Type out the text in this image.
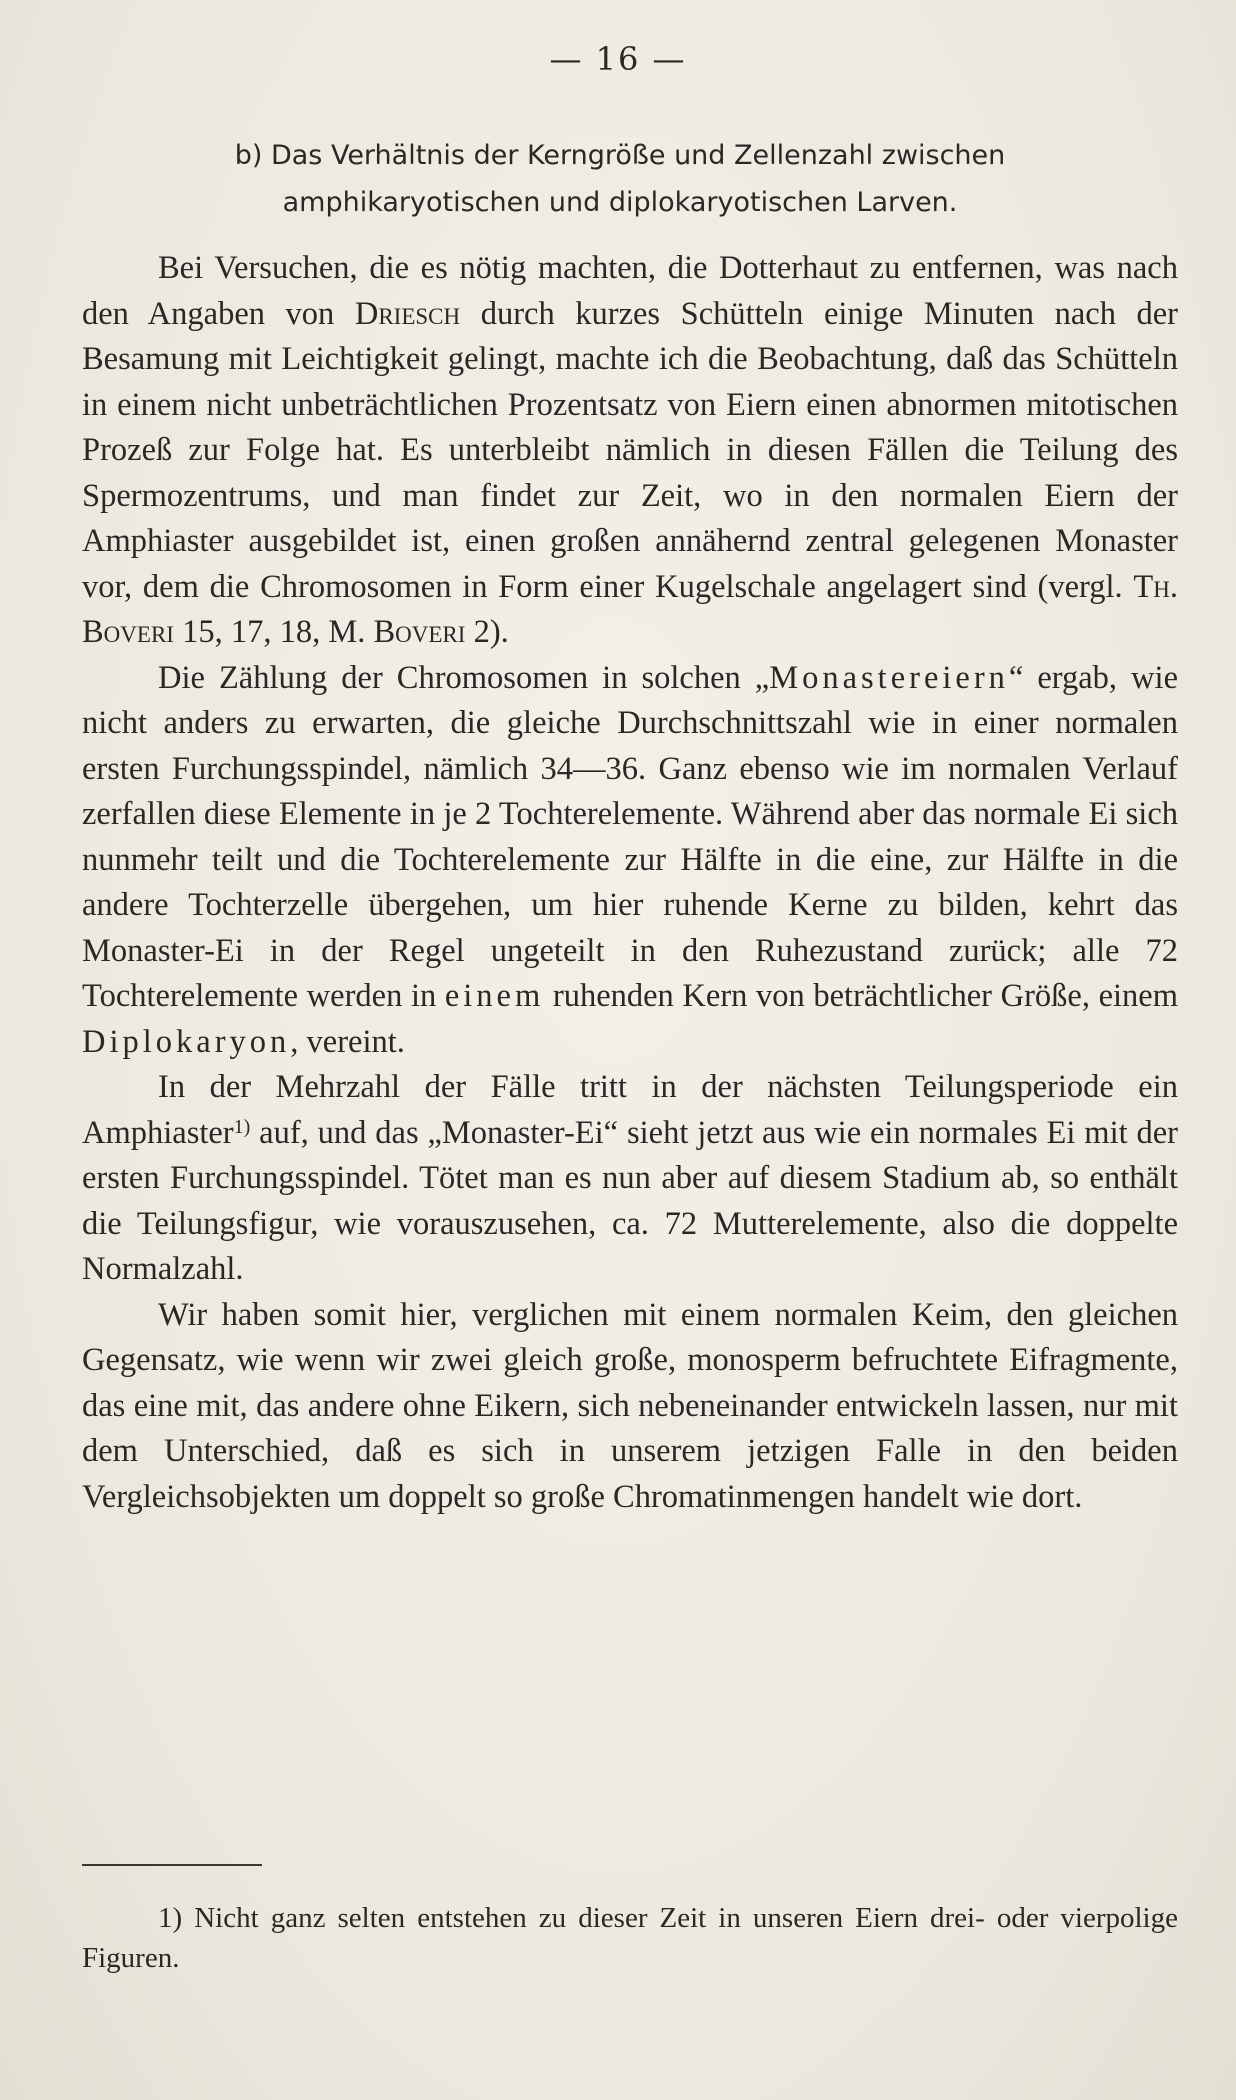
— 16 —
b) Das Verhältnis der Kerngröße und Zellenzahl zwischen
amphikaryotischen und diplokaryotischen Larven.

Bei Versuchen, die es nötig machten, die Dotterhaut zu entfernen, was nach den Angaben von Driesch durch kurzes Schütteln einige Minuten nach der Besamung mit Leichtigkeit gelingt, machte ich die Beobachtung, daß das Schütteln in einem nicht unbeträchtlichen Prozentsatz von Eiern einen abnormen mitotischen Prozeß zur Folge hat. Es unterbleibt nämlich in diesen Fällen die Teilung des Spermozentrums, und man findet zur Zeit, wo in den normalen Eiern der Amphiaster ausgebildet ist, einen großen annähernd zentral gelegenen Monaster vor, dem die Chromosomen in Form einer Kugelschale angelagert sind (vergl. Th. Boveri 15, 17, 18, M. Boveri 2).

Die Zählung der Chromosomen in solchen „Monastereiern“ ergab, wie nicht anders zu erwarten, die gleiche Durchschnittszahl wie in einer normalen ersten Furchungsspindel, nämlich 34—36. Ganz ebenso wie im normalen Verlauf zerfallen diese Elemente in je 2 Tochterelemente. Während aber das normale Ei sich nunmehr teilt und die Tochterelemente zur Hälfte in die eine, zur Hälfte in die andere Tochterzelle übergehen, um hier ruhende Kerne zu bilden, kehrt das Monaster-Ei in der Regel ungeteilt in den Ruhezustand zurück; alle 72 Tochterelemente werden in einem ruhenden Kern von beträchtlicher Größe, einem Diplokaryon, vereint.

In der Mehrzahl der Fälle tritt in der nächsten Teilungsperiode ein Amphiaster$^{1)}$ auf, und das „Monaster-Ei“ sieht jetzt aus wie ein normales Ei mit der ersten Furchungsspindel. Tötet man es nun aber auf diesem Stadium ab, so enthält die Teilungsfigur, wie vorauszusehen, ca. 72 Mutterelemente, also die doppelte Normalzahl.

Wir haben somit hier, verglichen mit einem normalen Keim, den gleichen Gegensatz, wie wenn wir zwei gleich große, monosperm befruchtete Eifragmente, das eine mit, das andere ohne Eikern, sich nebeneinander entwickeln lassen, nur mit dem Unterschied, daß es sich in unserem jetzigen Falle in den beiden Vergleichsobjekten um doppelt so große Chromatinmengen handelt wie dort.

1) Nicht ganz selten entstehen zu dieser Zeit in unseren Eiern drei- oder vierpolige Figuren.
